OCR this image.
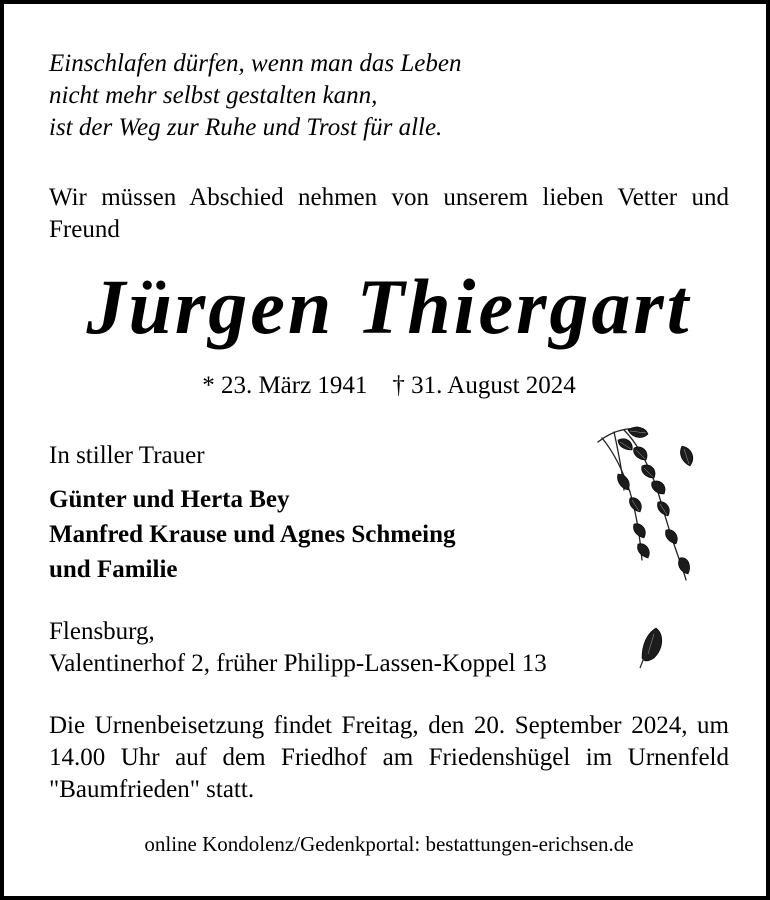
Einschlafen dürfen, wenn man das Leben
nicht mehr selbst gestalten kann,
ist der Weg zur Ruhe und Trost für alle.
Wir müssen Abschied nehmen von unserem lieben Vetter und Freund
Jürgen Thiergart
* 23. März 1941    † 31. August 2024
In stiller Trauer
Günter und Herta Bey
Manfred Krause und Agnes Schmeing
und Familie
Flensburg,
Valentinerhof 2, früher Philipp-Lassen-Koppel 13
Die Urnenbeisetzung findet Freitag, den 20. September 2024, um 14.00 Uhr auf dem Friedhof am Friedenshügel im Urnenfeld "Baumfrieden" statt.
online Kondolenz/Gedenkportal: bestattungen-erichsen.de
